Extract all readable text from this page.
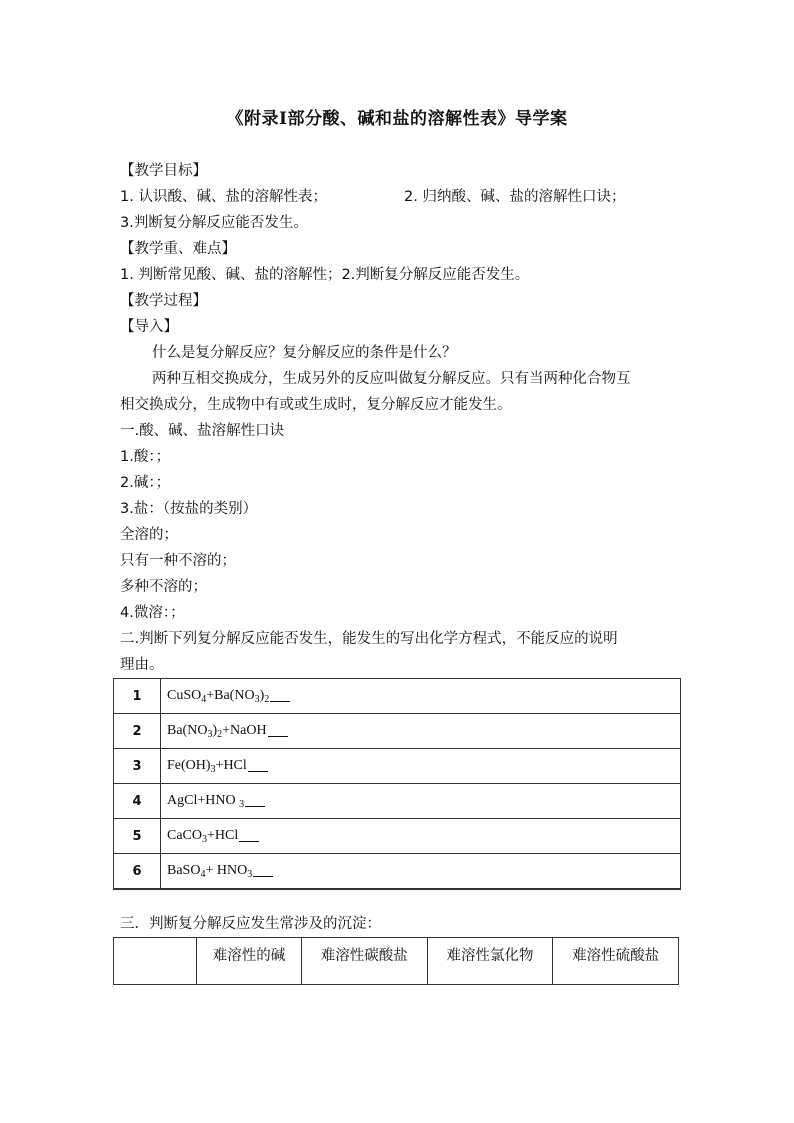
《附录Ⅰ部分酸、碱和盐的溶解性表》导学案
【教学目标】
1. 认识酸、碱、盐的溶解性表；	2. 归纳酸、碱、盐的溶解性口诀；
3.判断复分解反应能否发生。
【教学重、难点】
1. 判断常见酸、碱、盐的溶解性；2.判断复分解反应能否发生。
【教学过程】
【导入】
什么是复分解反应？复分解反应的条件是什么？
两种互相交换成分，生成另外的反应叫做复分解反应。只有当两种化合物互
相交换成分，生成物中有或或生成时，复分解反应才能发生。
一.酸、碱、盐溶解性口诀
1.酸：；
2.碱：；
3.盐：（按盐的类别）
全溶的；
只有一种不溶的；
多种不溶的；
4.微溶：；
二.判断下列复分解反应能否发生，能发生的写出化学方程式，不能反应的说明
理由。
1	$CuSO_4+Ba(NO_3)_2$
2	$Ba(NO_3)_2+NaOH$
3	$Fe(OH)_3+HCl$
4	AgCl+HNO $_3$
5	CaCO$_3$+HCl
6	BaSO$_4$+ $HNO_3$
三．判断复分解反应发生常涉及的沉淀：
	难溶性的碱	难溶性碳酸盐	难溶性氯化物	难溶性硫酸盐
